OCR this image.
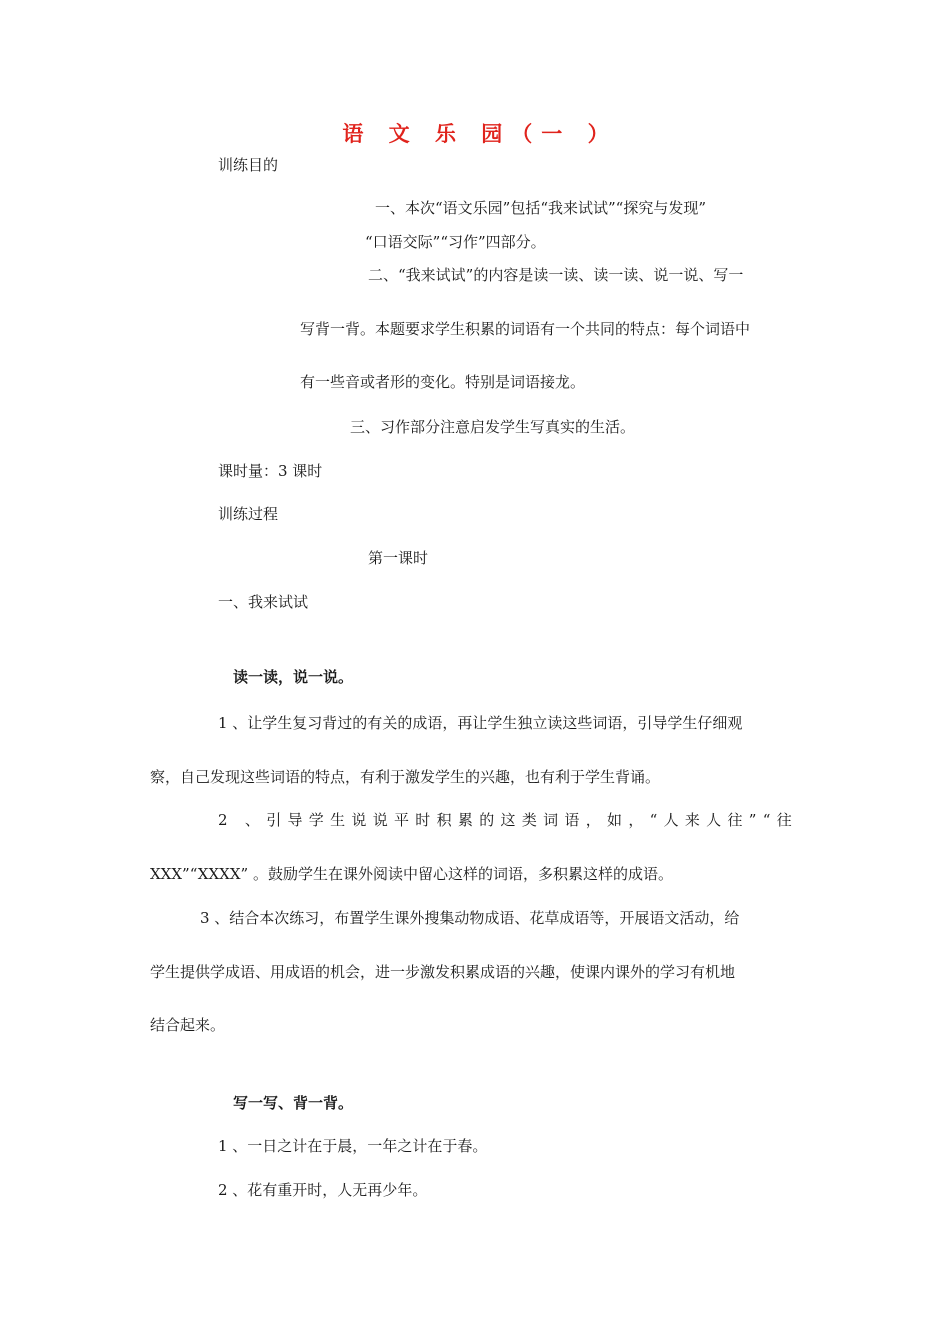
语 文 乐 园（一 ）
训练目的
一、本次“语文乐园”包括“我来试试”“探究与发现”
“口语交际”“习作”四部分。
二、“我来试试”的内容是读一读、读一读、说一说、写一
写背一背。本题要求学生积累的词语有一个共同的特点：每个词语中
有一些音或者形的变化。特别是词语接龙。
三、习作部分注意启发学生写真实的生活。
课时量：3 课时
训练过程
第一课时
一、我来试试
读一读，说一说。
1 、让学生复习背过的有关的成语，再让学生独立读这些词语，引导学生仔细观
察，自己发现这些词语的特点，有利于激发学生的兴趣，也有利于学生背诵。
2 、引导学生说说平时积累的这类词语，如，“人来人往”“往
XXX”“XXXX” 。鼓励学生在课外阅读中留心这样的词语，多积累这样的成语。
3 、结合本次练习，布置学生课外搜集动物成语、花草成语等，开展语文活动，给
学生提供学成语、用成语的机会，进一步激发积累成语的兴趣，使课内课外的学习有机地
结合起来。
写一写、背一背。
1 、一日之计在于晨，一年之计在于春。
2 、花有重开时，人无再少年。
